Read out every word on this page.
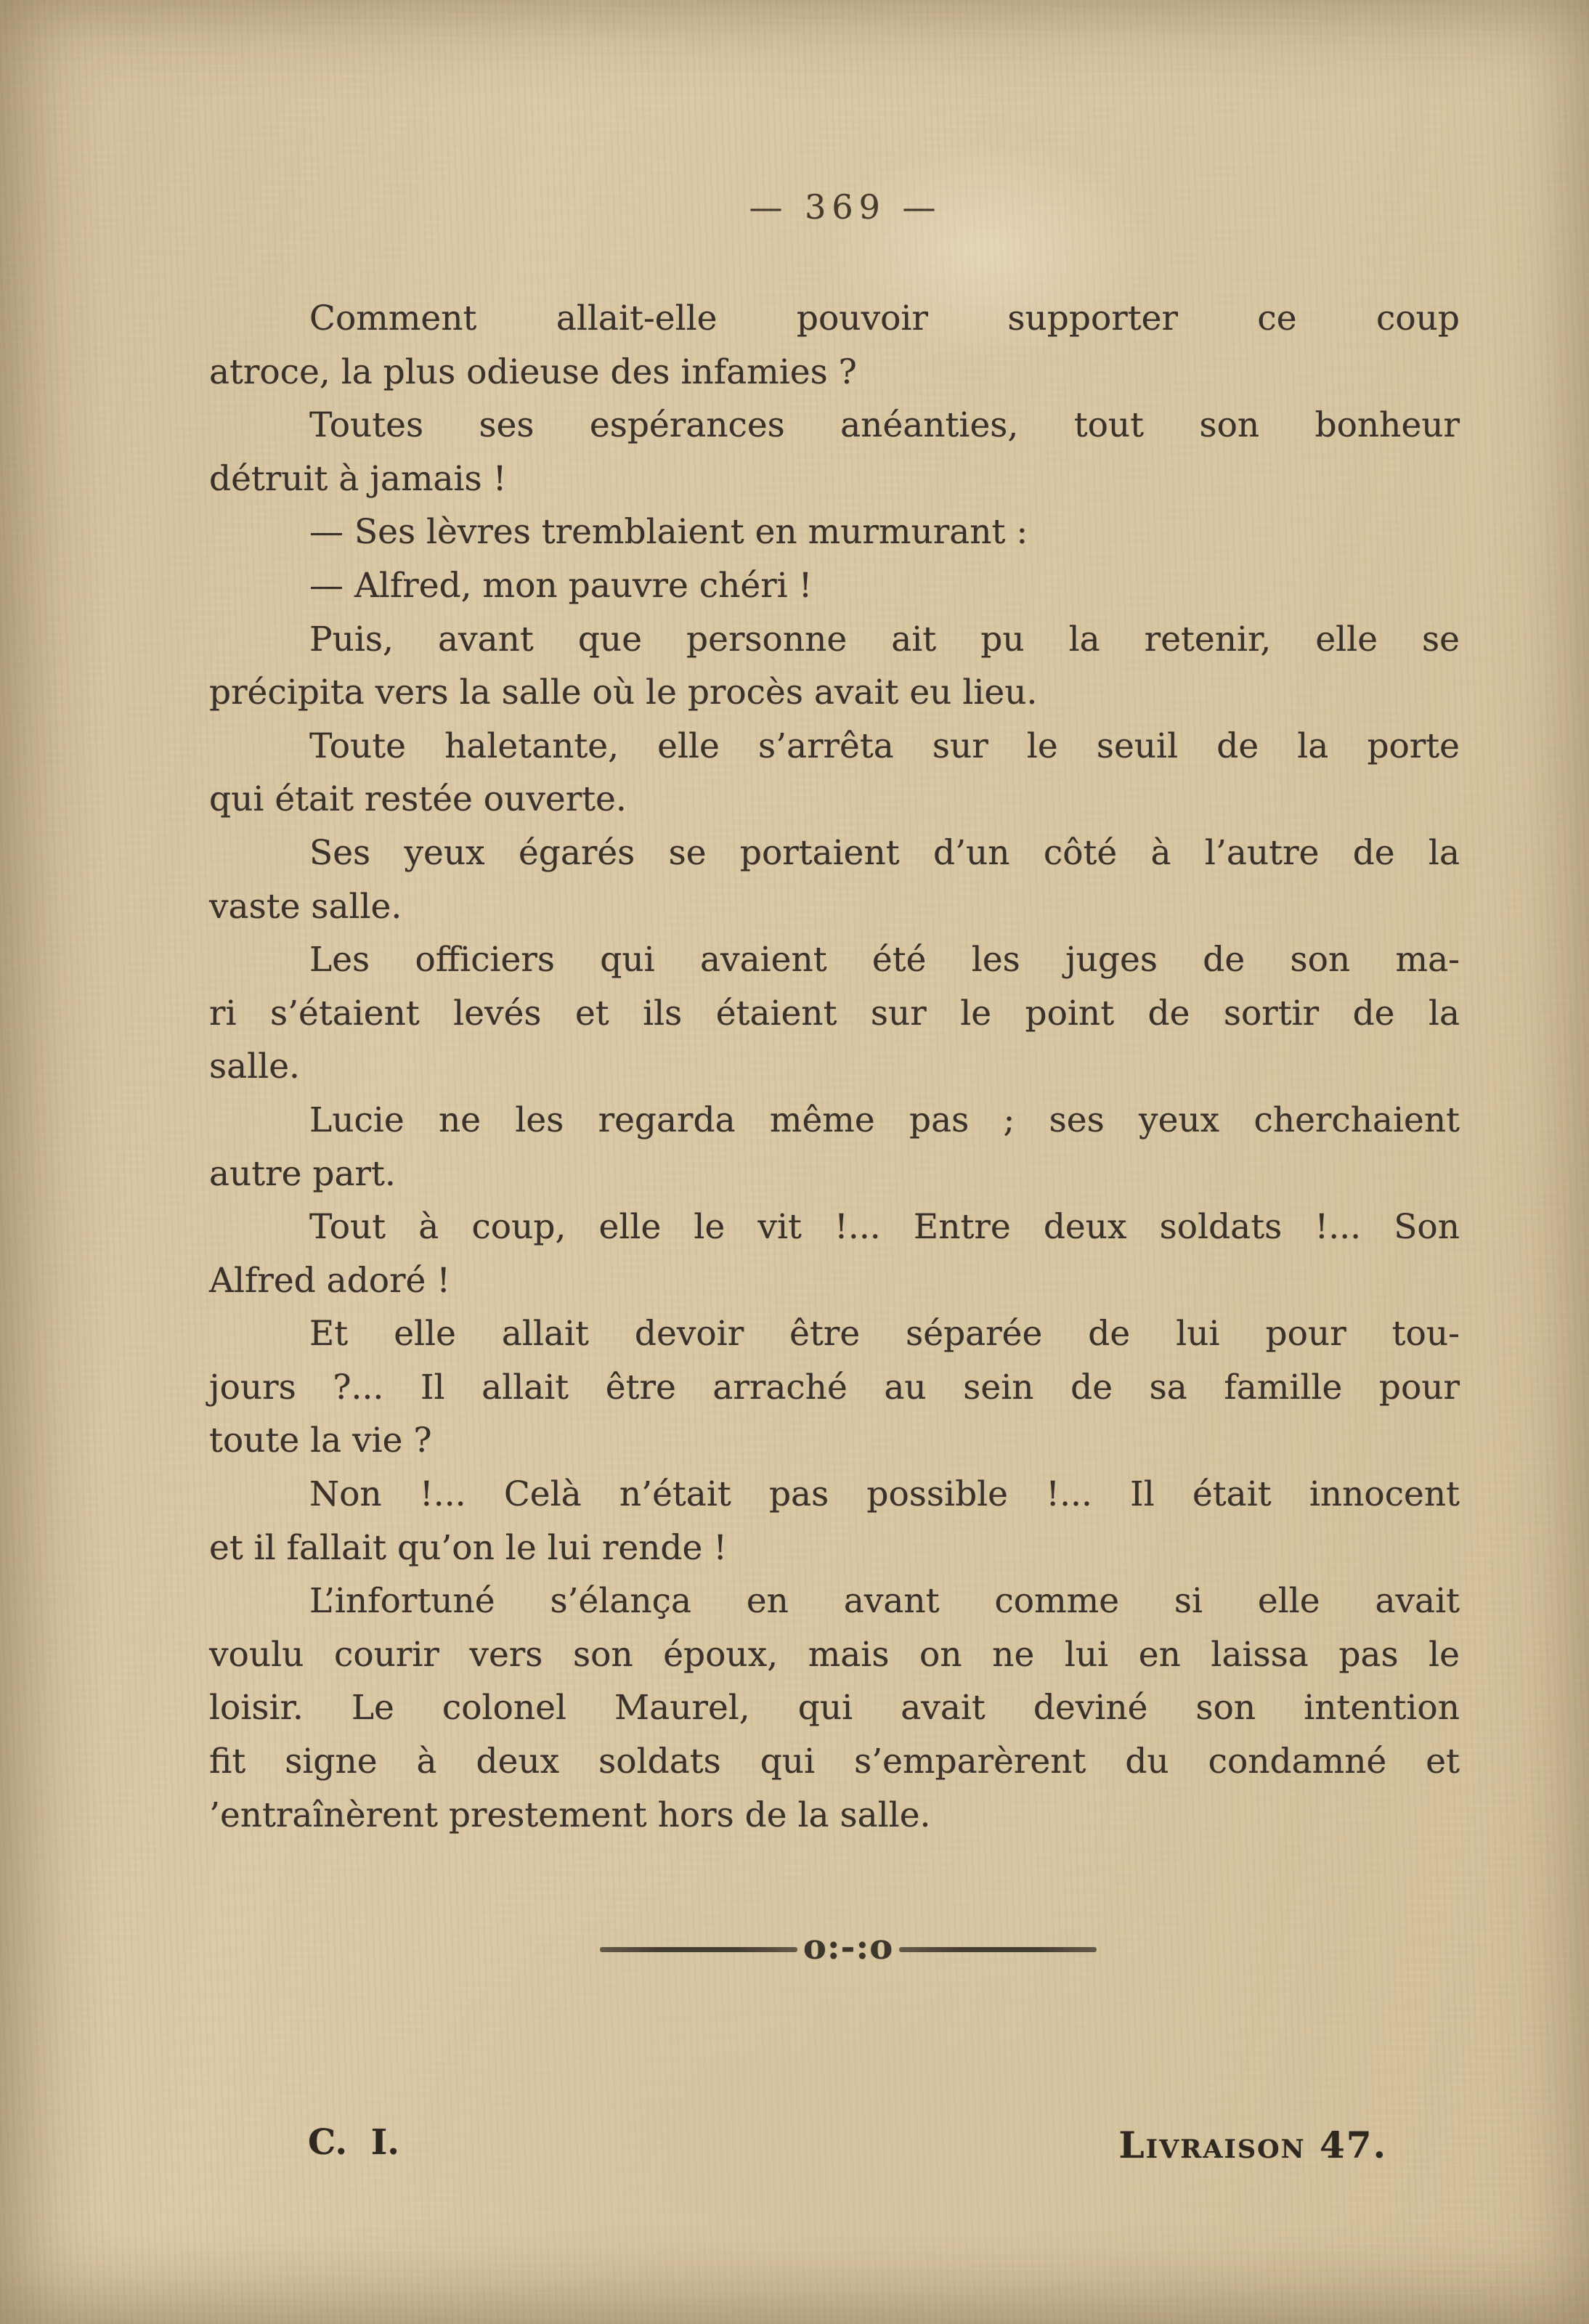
— 369 —
Comment allait-elle pouvoir supporter ce coup
atroce, la plus odieuse des infamies ?
Toutes ses espérances anéanties, tout son bonheur
détruit à jamais !
— Ses lèvres tremblaient en murmurant :
— Alfred, mon pauvre chéri !
Puis, avant que personne ait pu la retenir, elle se
précipita vers la salle où le procès avait eu lieu.
Toute haletante, elle s’arrêta sur le seuil de la porte
qui était restée ouverte.
Ses yeux égarés se portaient d’un côté à l’autre de la
vaste salle.
Les officiers qui avaient été les juges de son ma-
ri s’étaient levés et ils étaient sur le point de sortir de la
salle.
Lucie ne les regarda même pas ; ses yeux cherchaient
autre part.
Tout à coup, elle le vit !... Entre deux soldats !... Son
Alfred adoré !
Et elle allait devoir être séparée de lui pour tou-
jours ?... Il allait être arraché au sein de sa famille pour
toute la vie ?
Non !... Celà n’était pas possible !... Il était innocent
et il fallait qu’on le lui rende !
L’infortuné s’élança en avant comme si elle avait
voulu courir vers son époux, mais on ne lui en laissa pas le
loisir. Le colonel Maurel, qui avait deviné son intention
fit signe à deux soldats qui s’emparèrent du condamné et
’entraînèrent prestement hors de la salle.
o:-:o
C. I.	Livraison 47.
